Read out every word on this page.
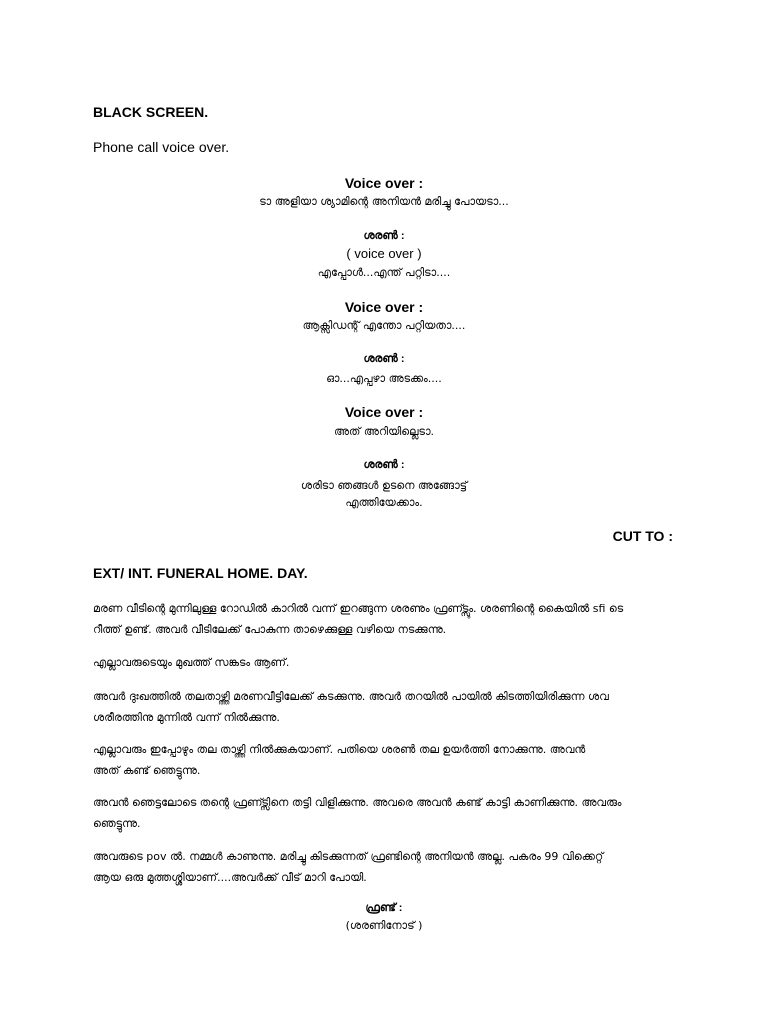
BLACK SCREEN.
Phone call voice over.
Voice over :
ടാ അളിയാ ശ്യാമിന്റെ അനിയൻ മരിച്ചു പോയടാ...
ശരൺ :
( voice over )
എപ്പോൾ...എന്ത് പറ്റിടാ....
Voice over :
ആക്സിഡന്റ് എന്തോ പറ്റിയതാ....
ശരൺ :
ഓ...എപ്പഴാ അടക്കം....
Voice over :
അത് അറിയില്ലെടാ.
ശരൺ :
ശരിടാ ഞങ്ങൾ ഉടനെ അങ്ങോട്ട്
എത്തിയേക്കാം.
CUT TO :
EXT/ INT. FUNERAL HOME. DAY.
മരണ വീടിന്റെ മുന്നിലുള്ള റോഡിൽ കാറിൽ വന്ന് ഇറങ്ങുന്ന ശരണും ഫ്രണ്ട്സും. ശരണിന്റെ കൈയിൽ sfi ടെ
റീത്ത് ഉണ്ട്. അവർ വീടിലേക്ക് പോകുന്ന താഴെക്കുള്ള വഴിയെ നടക്കുന്നു.
എല്ലാവരുടെയും മുഖത്ത് സങ്കടം ആണ്.
അവർ ദുഃഖത്തിൽ തലതാഴ്ത്തി മരണവീട്ടിലേക്ക് കടക്കുന്നു. അവർ തറയിൽ പായിൽ കിടത്തിയിരിക്കുന്ന ശവ
ശരീരത്തിനു മുന്നിൽ വന്ന് നിൽക്കുന്നു.
എല്ലാവരും ഇപ്പോഴും തല താഴ്ത്തി നിൽക്കുകയാണ്. പതിയെ ശരൺ തല ഉയർത്തി നോക്കുന്നു. അവൻ
അത് കണ്ട് ഞെട്ടുന്നു.
അവൻ ഞെട്ടലോടെ തന്റെ ഫ്രണ്ട്സിനെ തട്ടി വിളിക്കുന്നു. അവരെ അവൻ കണ്ട് കാട്ടി കാണിക്കുന്നു. അവരും
ഞെട്ടുന്നു.
അവരുടെ pov ൽ. നമ്മൾ കാണുന്നു. മരിച്ചു കിടക്കുന്നത് ഫ്രണ്ടിന്റെ അനിയൻ അല്ല. പകരം 99 വിക്കെറ്റ്
ആയ ഒരു മുത്തശ്ശിയാണ്....അവർക്ക് വീട് മാറി പോയി.
ഫ്രണ്ട് :
(ശരണിനോട് )
